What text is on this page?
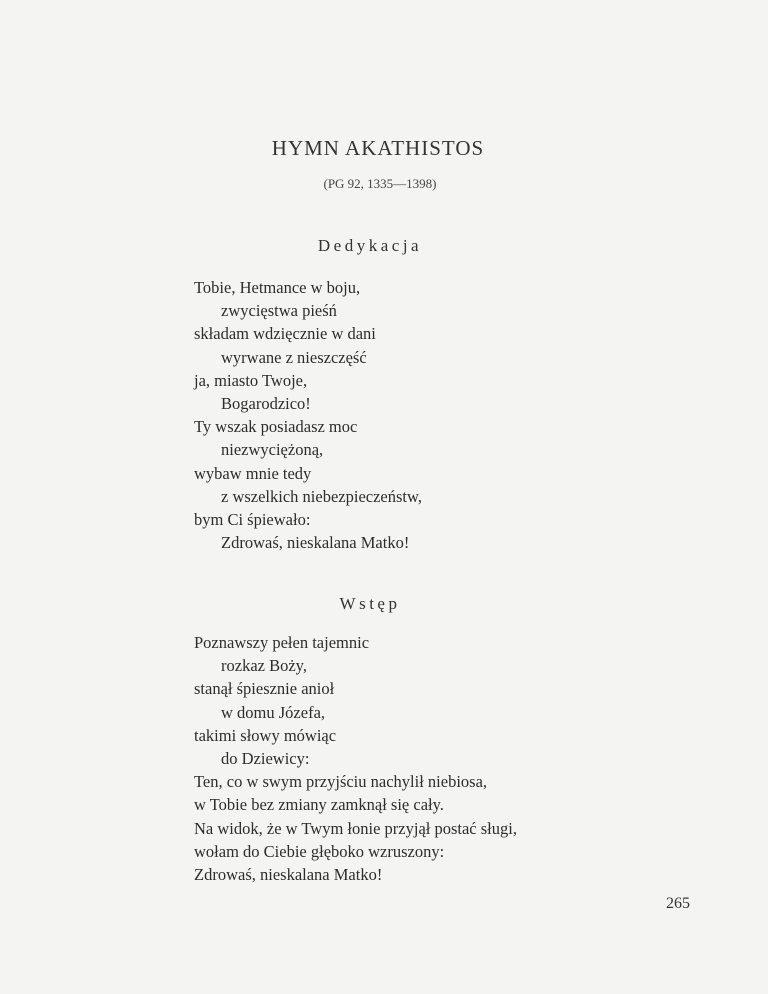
HYMN AKATHISTOS
(PG 92, 1335—1398)
Dedykacja
Tobie, Hetmance w boju,
zwycięstwa pieśń
składam wdzięcznie w dani
wyrwane z nieszczęść
ja, miasto Twoje,
Bogarodzico!
Ty wszak posiadasz moc
niezwyciężoną,
wybaw mnie tedy
z wszelkich niebezpieczeństw,
bym Ci śpiewało:
Zdrowaś, nieskalana Matko!
Wstęp
Poznawszy pełen tajemnic
rozkaz Boży,
stanął śpiesznie anioł
w domu Józefa,
takimi słowy mówiąc
do Dziewicy:
Ten, co w swym przyjściu nachylił niebiosa,
w Tobie bez zmiany zamknął się cały.
Na widok, że w Twym łonie przyjął postać sługi,
wołam do Ciebie głęboko wzruszony:
Zdrowaś, nieskalana Matko!
265
